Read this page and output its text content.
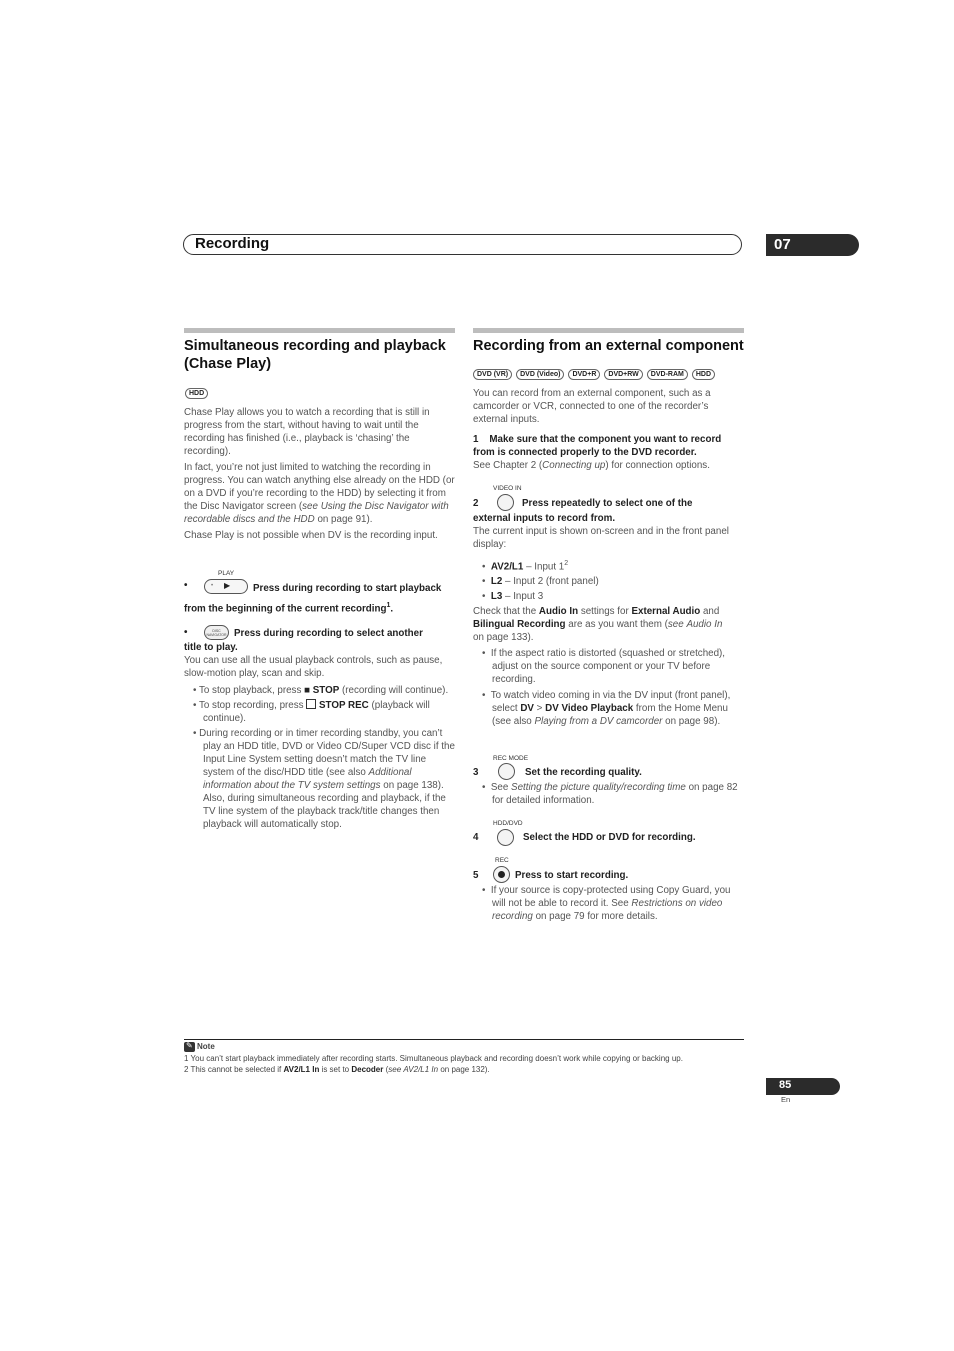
Recording	07
Simultaneous recording and playback
(Chase Play)
HDD
Chase Play allows you to watch a recording that is still in progress from the start, without having to wait until the recording has finished (i.e., playback is ‘chasing’ the recording).
In fact, you’re not just limited to watching the recording in progress. You can watch anything else already on the HDD (or on a DVD if you’re recording to the HDD) by selecting it from the Disc Navigator screen (see Using the Disc Navigator with recordable discs and the HDD on page 91).
Chase Play is not possible when DV is the recording input.
PLAY
•	• ▶ Press during recording to start playback
from the beginning of the current recording$^1$.
•	DISC NAVIGATOR Press during recording to select another
title to play.
You can use all the usual playback controls, such as pause, slow-motion play, scan and skip.
• To stop playback, press ■ STOP (recording will continue).
• To stop recording, press STOP REC (playback will continue).
• During recording or in timer recording standby, you can’t play an HDD title, DVD or Video CD/Super VCD disc if the Input Line System setting doesn’t match the TV line system of the disc/HDD title (see also Additional information about the TV system settings on page 138). Also, during simultaneous recording and playback, if the TV line system of the playback track/title changes then playback will automatically stop.
Recording from an external component
DVD (VR) DVD (Video) DVD+R DVD+RW DVD-RAM HDD
You can record from an external component, such as a camcorder or VCR, connected to one of the recorder’s external inputs.
1 Make sure that the component you want to record
from is connected properly to the DVD recorder.
See Chapter 2 (Connecting up) for connection options.
VIDEO IN
2	Press repeatedly to select one of the
external inputs to record from.
The current input is shown on-screen and in the front panel display:
•  AV2/L1 – Input $1^2$
•  L2 – Input 2 (front panel)
•  L3 – Input 3
Check that the Audio In settings for External Audio and
Bilingual Recording are as you want them (see Audio In
on page 133).
•  If the aspect ratio is distorted (squashed or stretched), adjust on the source component or your TV before recording.
•  To watch video coming in via the DV input (front panel), select DV > DV Video Playback from the Home Menu (see also Playing from a DV camcorder on page 98).
REC MODE
3	Set the recording quality.
•  See Setting the picture quality/recording time on page 82 for detailed information.
HDD/DVD
4	Select the HDD or DVD for recording.
REC
5	Press to start recording.
•  If your source is copy-protected using Copy Guard, you will not be able to record it. See Restrictions on video recording on page 79 for more details.
✎ Note
1 You can’t start playback immediately after recording starts. Simultaneous playback and recording doesn’t work while copying or backing up.
2 This cannot be selected if AV2/L1 In is set to Decoder (see AV2/L1 In on page 132).
85
En
